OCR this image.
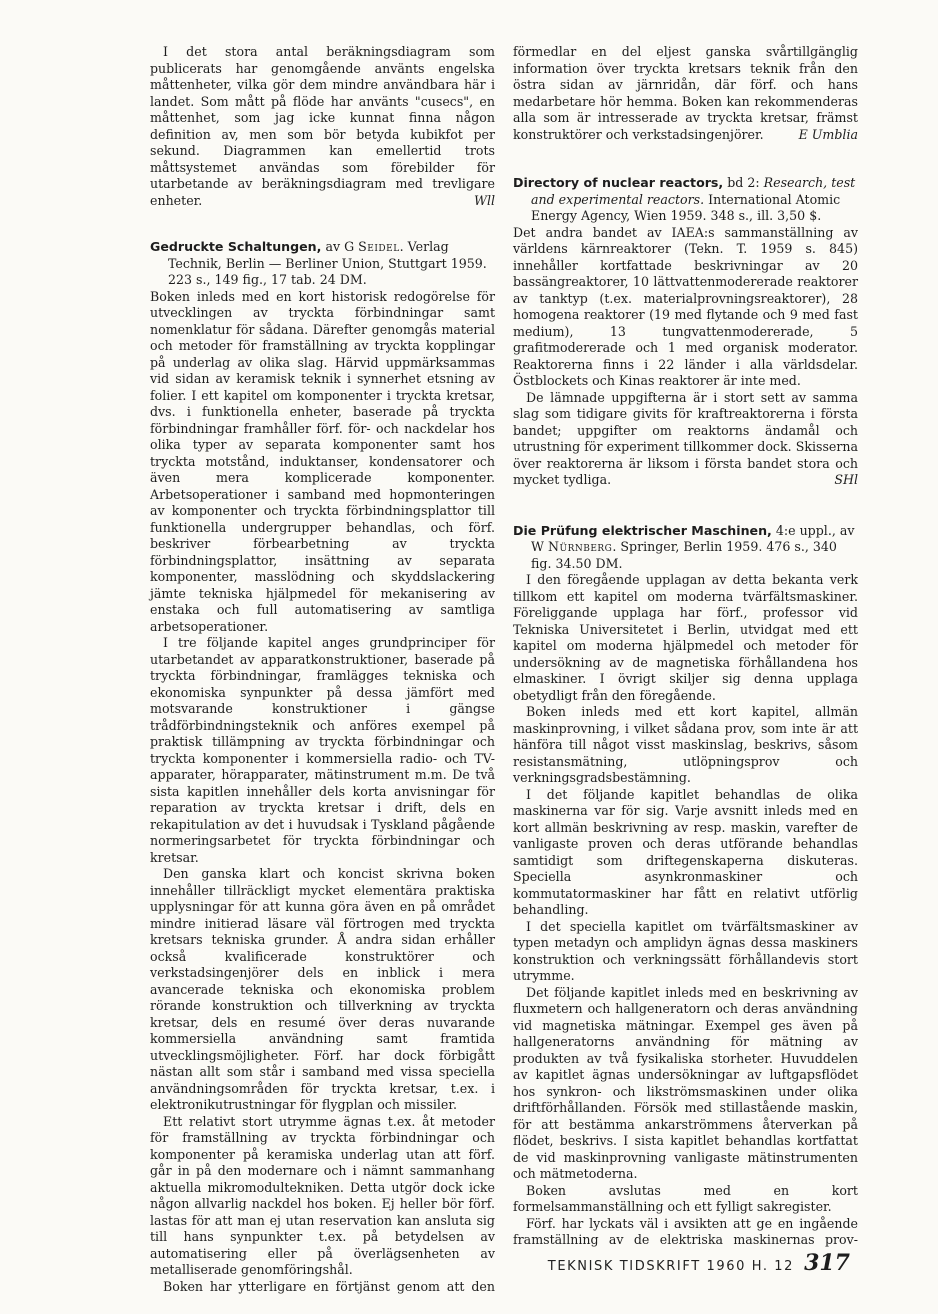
I det stora antal beräkningsdiagram som publicerats har genomgående använts engelska måttenheter, vilka gör dem mindre användbara här i landet. Som mått på flöde har använts "cusecs", en måttenhet, som jag icke kunnat finna någon definition av, men som bör betyda kubikfot per sekund. Diagrammen kan emellertid trots måttsystemet användas som förebilder för utarbetande av beräkningsdiagram med trevligare enheter.	Wll

Gedruckte Schaltungen, av G Seidel. Verlag Technik, Berlin — Berliner Union, Stuttgart 1959. 223 s., 149 fig., 17 tab. 24 DM.

Boken inleds med en kort historisk redogörelse för utvecklingen av tryckta förbindningar samt nomenklatur för sådana. Därefter genomgås material och metoder för framställning av tryckta kopplingar på underlag av olika slag. Härvid uppmärksammas vid sidan av keramisk teknik i synnerhet etsning av folier. I ett kapitel om komponenter i tryckta kretsar, dvs. i funktionella enheter, baserade på tryckta förbindningar framhåller förf. för- och nackdelar hos olika typer av separata komponenter samt hos tryckta motstånd, induktanser, kondensatorer och även mera komplicerade komponenter. Arbetsoperationer i samband med hopmonteringen av komponenter och tryckta förbindningsplattor till funktionella undergrupper behandlas, och förf. beskriver förbearbetning av tryckta förbindningsplattor, insättning av separata komponenter, masslödning och skyddslackering jämte tekniska hjälpmedel för mekanisering av enstaka och full automatisering av samtliga arbetsoperationer.

I tre följande kapitel anges grundprinciper för utarbetandet av apparatkonstruktioner, baserade på tryckta förbindningar, framlägges tekniska och ekonomiska synpunkter på dessa jämfört med motsvarande konstruktioner i gängse trådförbindningsteknik och anföres exempel på praktisk tillämpning av tryckta förbindningar och tryckta komponenter i kommersiella radio- och TV-apparater, hörapparater, mätinstrument m.m. De två sista kapitlen innehåller dels korta anvisningar för reparation av tryckta kretsar i drift, dels en rekapitulation av det i huvudsak i Tyskland pågående normeringsarbetet för tryckta förbindningar och kretsar.

Den ganska klart och koncist skrivna boken innehåller tillräckligt mycket elementära praktiska upplysningar för att kunna göra även en på området mindre initierad läsare väl förtrogen med tryckta kretsars tekniska grunder. Å andra sidan erhåller också kvalificerade konstruktörer och verkstadsingenjörer dels en inblick i mera avancerade tekniska och ekonomiska problem rörande konstruktion och tillverkning av tryckta kretsar, dels en resumé över deras nuvarande kommersiella användning samt framtida utvecklingsmöjligheter. Förf. har dock förbigått nästan allt som står i samband med vissa speciella användningsområden för tryckta kretsar, t.ex. i elektronikutrustningar för flygplan och missiler.

Ett relativt stort utrymme ägnas t.ex. åt metoder för framställning av tryckta förbindningar och komponenter på keramiska underlag utan att förf. går in på den modernare och i nämnt sammanhang aktuella mikromodultekniken. Detta utgör dock icke någon allvarlig nackdel hos boken. Ej heller bör förf. lastas för att man ej utan reservation kan ansluta sig till hans synpunkter t.ex. på betydelsen av automatisering eller på överlägsenheten av metalliserade genomföringshål.

Boken har ytterligare en förtjänst genom att den

förmedlar en del eljest ganska svårtillgänglig information över tryckta kretsars teknik från den östra sidan av järnridån, där förf. och hans medarbetare hör hemma. Boken kan rekommenderas alla som är intresserade av tryckta kretsar, främst konstruktörer och verkstadsingenjörer.	E Umblia

Directory of nuclear reactors, bd 2: Research, test and experimental reactors. International Atomic Energy Agency, Wien 1959. 348 s., ill. 3,50 $.

Det andra bandet av IAEA:s sammanställning av världens kärnreaktorer (Tekn. T. 1959 s. 845) innehåller kortfattade beskrivningar av 20 bassängreaktorer, 10 lättvattenmodererade reaktorer av tanktyp (t.ex. materialprovningsreaktorer), 28 homogena reaktorer (19 med flytande och 9 med fast medium), 13 tungvattenmodererade, 5 grafitmodererade och 1 med organisk moderator. Reaktorerna finns i 22 länder i alla världsdelar. Östblockets och Kinas reaktorer är inte med.

De lämnade uppgifterna är i stort sett av samma slag som tidigare givits för kraftreaktorerna i första bandet; uppgifter om reaktorns ändamål och utrustning för experiment tillkommer dock. Skisserna över reaktorerna är liksom i första bandet stora och mycket tydliga.	SHl

Die Prüfung elektrischer Maschinen, 4:e uppl., av W Nürnberg. Springer, Berlin 1959. 476 s., 340 fig. 34.50 DM.

I den föregående upplagan av detta bekanta verk tillkom ett kapitel om moderna tvärfältsmaskiner. Föreliggande upplaga har förf., professor vid Tekniska Universitetet i Berlin, utvidgat med ett kapitel om moderna hjälpmedel och metoder för undersökning av de magnetiska förhållandena hos elmaskiner. I övrigt skiljer sig denna upplaga obetydligt från den föregående.

Boken inleds med ett kort kapitel, allmän maskinprovning, i vilket sådana prov, som inte är att hänföra till något visst maskinslag, beskrivs, såsom resistansmätning, utlöpningsprov och verkningsgradsbestämning.

I det följande kapitlet behandlas de olika maskinerna var för sig. Varje avsnitt inleds med en kort allmän beskrivning av resp. maskin, varefter de vanligaste proven och deras utförande behandlas samtidigt som driftegenskaperna diskuteras. Speciella asynkronmaskiner och kommutatormaskiner har fått en relativt utförlig behandling.

I det speciella kapitlet om tvärfältsmaskiner av typen metadyn och amplidyn ägnas dessa maskiners konstruktion och verkningssätt förhållandevis stort utrymme.

Det följande kapitlet inleds med en beskrivning av fluxmetern och hallgeneratorn och deras användning vid magnetiska mätningar. Exempel ges även på hallgeneratorns användning för mätning av produkten av två fysikaliska storheter. Huvuddelen av kapitlet ägnas undersökningar av luftgapsflödet hos synkron- och likströmsmaskinen under olika driftförhållanden. Försök med stillastående maskin, för att bestämma ankarströmmens återverkan på flödet, beskrivs. I sista kapitlet behandlas kortfattat de vid maskinprovning vanligaste mätinstrumenten och mätmetoderna.

Boken avslutas med en kort formelsammanställning och ett fylligt sakregister.

Förf. har lyckats väl i avsikten att ge en ingående framställning av de elektriska maskinernas prov-

TEKNISK TIDSKRIFT 1960 H. 12 317
